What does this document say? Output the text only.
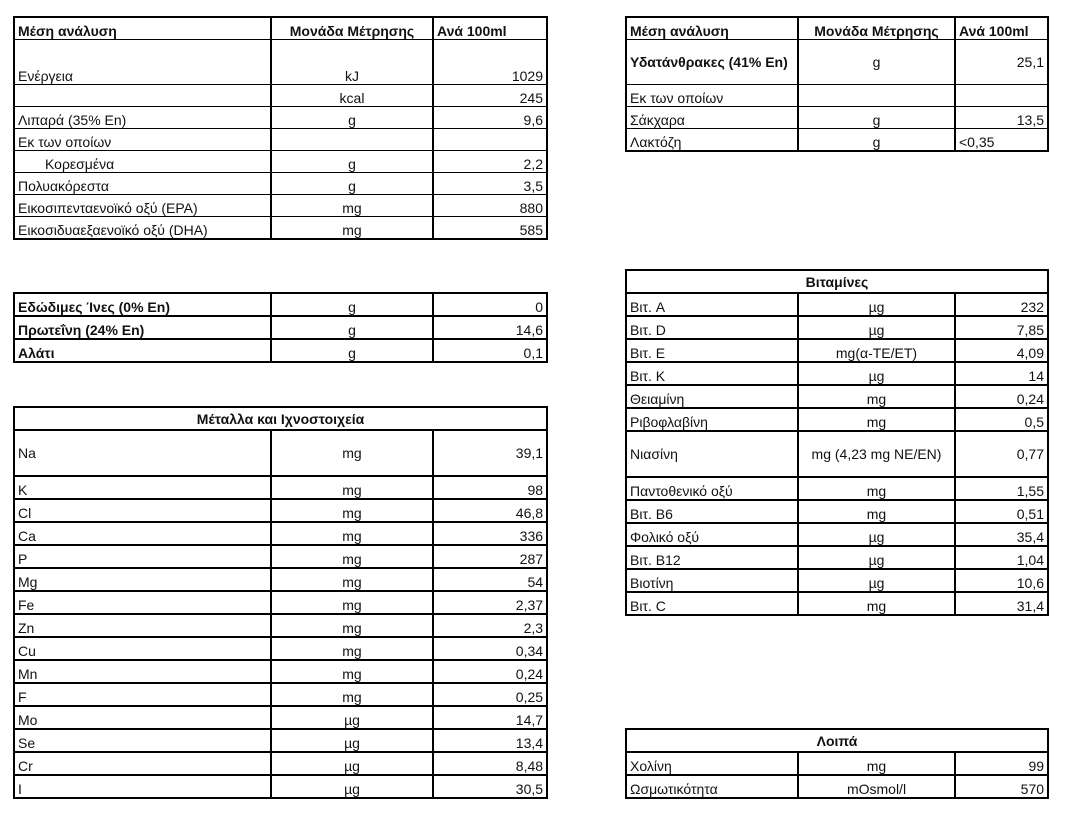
Μέση ανάλυση	Μονάδα Μέτρησης	Ανά 100ml
Ενέργεια	kJ	1029
	kcal	245
Λιπαρά (35% En)	g	9,6
Εκ των οποίων		
Κορεσμένα	g	2,2
Πολυακόρεστα	g	3,5
Εικοσιπενταενοϊκό οξύ (EPA)	mg	880
Εικοσιδυαεξαενοϊκό οξύ (DHA)	mg	585
Μέση ανάλυση	Μονάδα Μέτρησης	Ανά 100ml
Υδατάνθρακες (41% En)	g	25,1
Εκ των οποίων		
Σάκχαρα	g	13,5
Λακτόζη	g	<0,35
Εδώδιμες Ίνες (0% En)	g	0
Πρωτεΐνη (24% En)	g	14,6
Αλάτι	g	0,1
Μέταλλα και Ιχνοστοιχεία		
Na	mg	39,1
K	mg	98
Cl	mg	46,8
Ca	mg	336
P	mg	287
Mg	mg	54
Fe	mg	2,37
Zn	mg	2,3
Cu	mg	0,34
Mn	mg	0,24
F	mg	0,25
Mo	µg	14,7
Se	µg	13,4
Cr	µg	8,48
I	µg	30,5
Βιταμίνες		
Βιτ. A	µg	232
Βιτ. D	µg	7,85
Βιτ. E	mg(α-TE/ET)	4,09
Βιτ. K	µg	14
Θειαμίνη	mg	0,24
Ριβοφλαβίνη	mg	0,5
Νιασίνη	mg (4,23 mg NE/EN)	0,77
Παντοθενικό οξύ	mg	1,55
Βιτ. B6	mg	0,51
Φολικό οξύ	µg	35,4
Βιτ. B12	µg	1,04
Βιοτίνη	µg	10,6
Βιτ. C	mg	31,4
Λοιπά		
Χολίνη	mg	99
Ωσμωτικότητα	mOsmol/l	570
